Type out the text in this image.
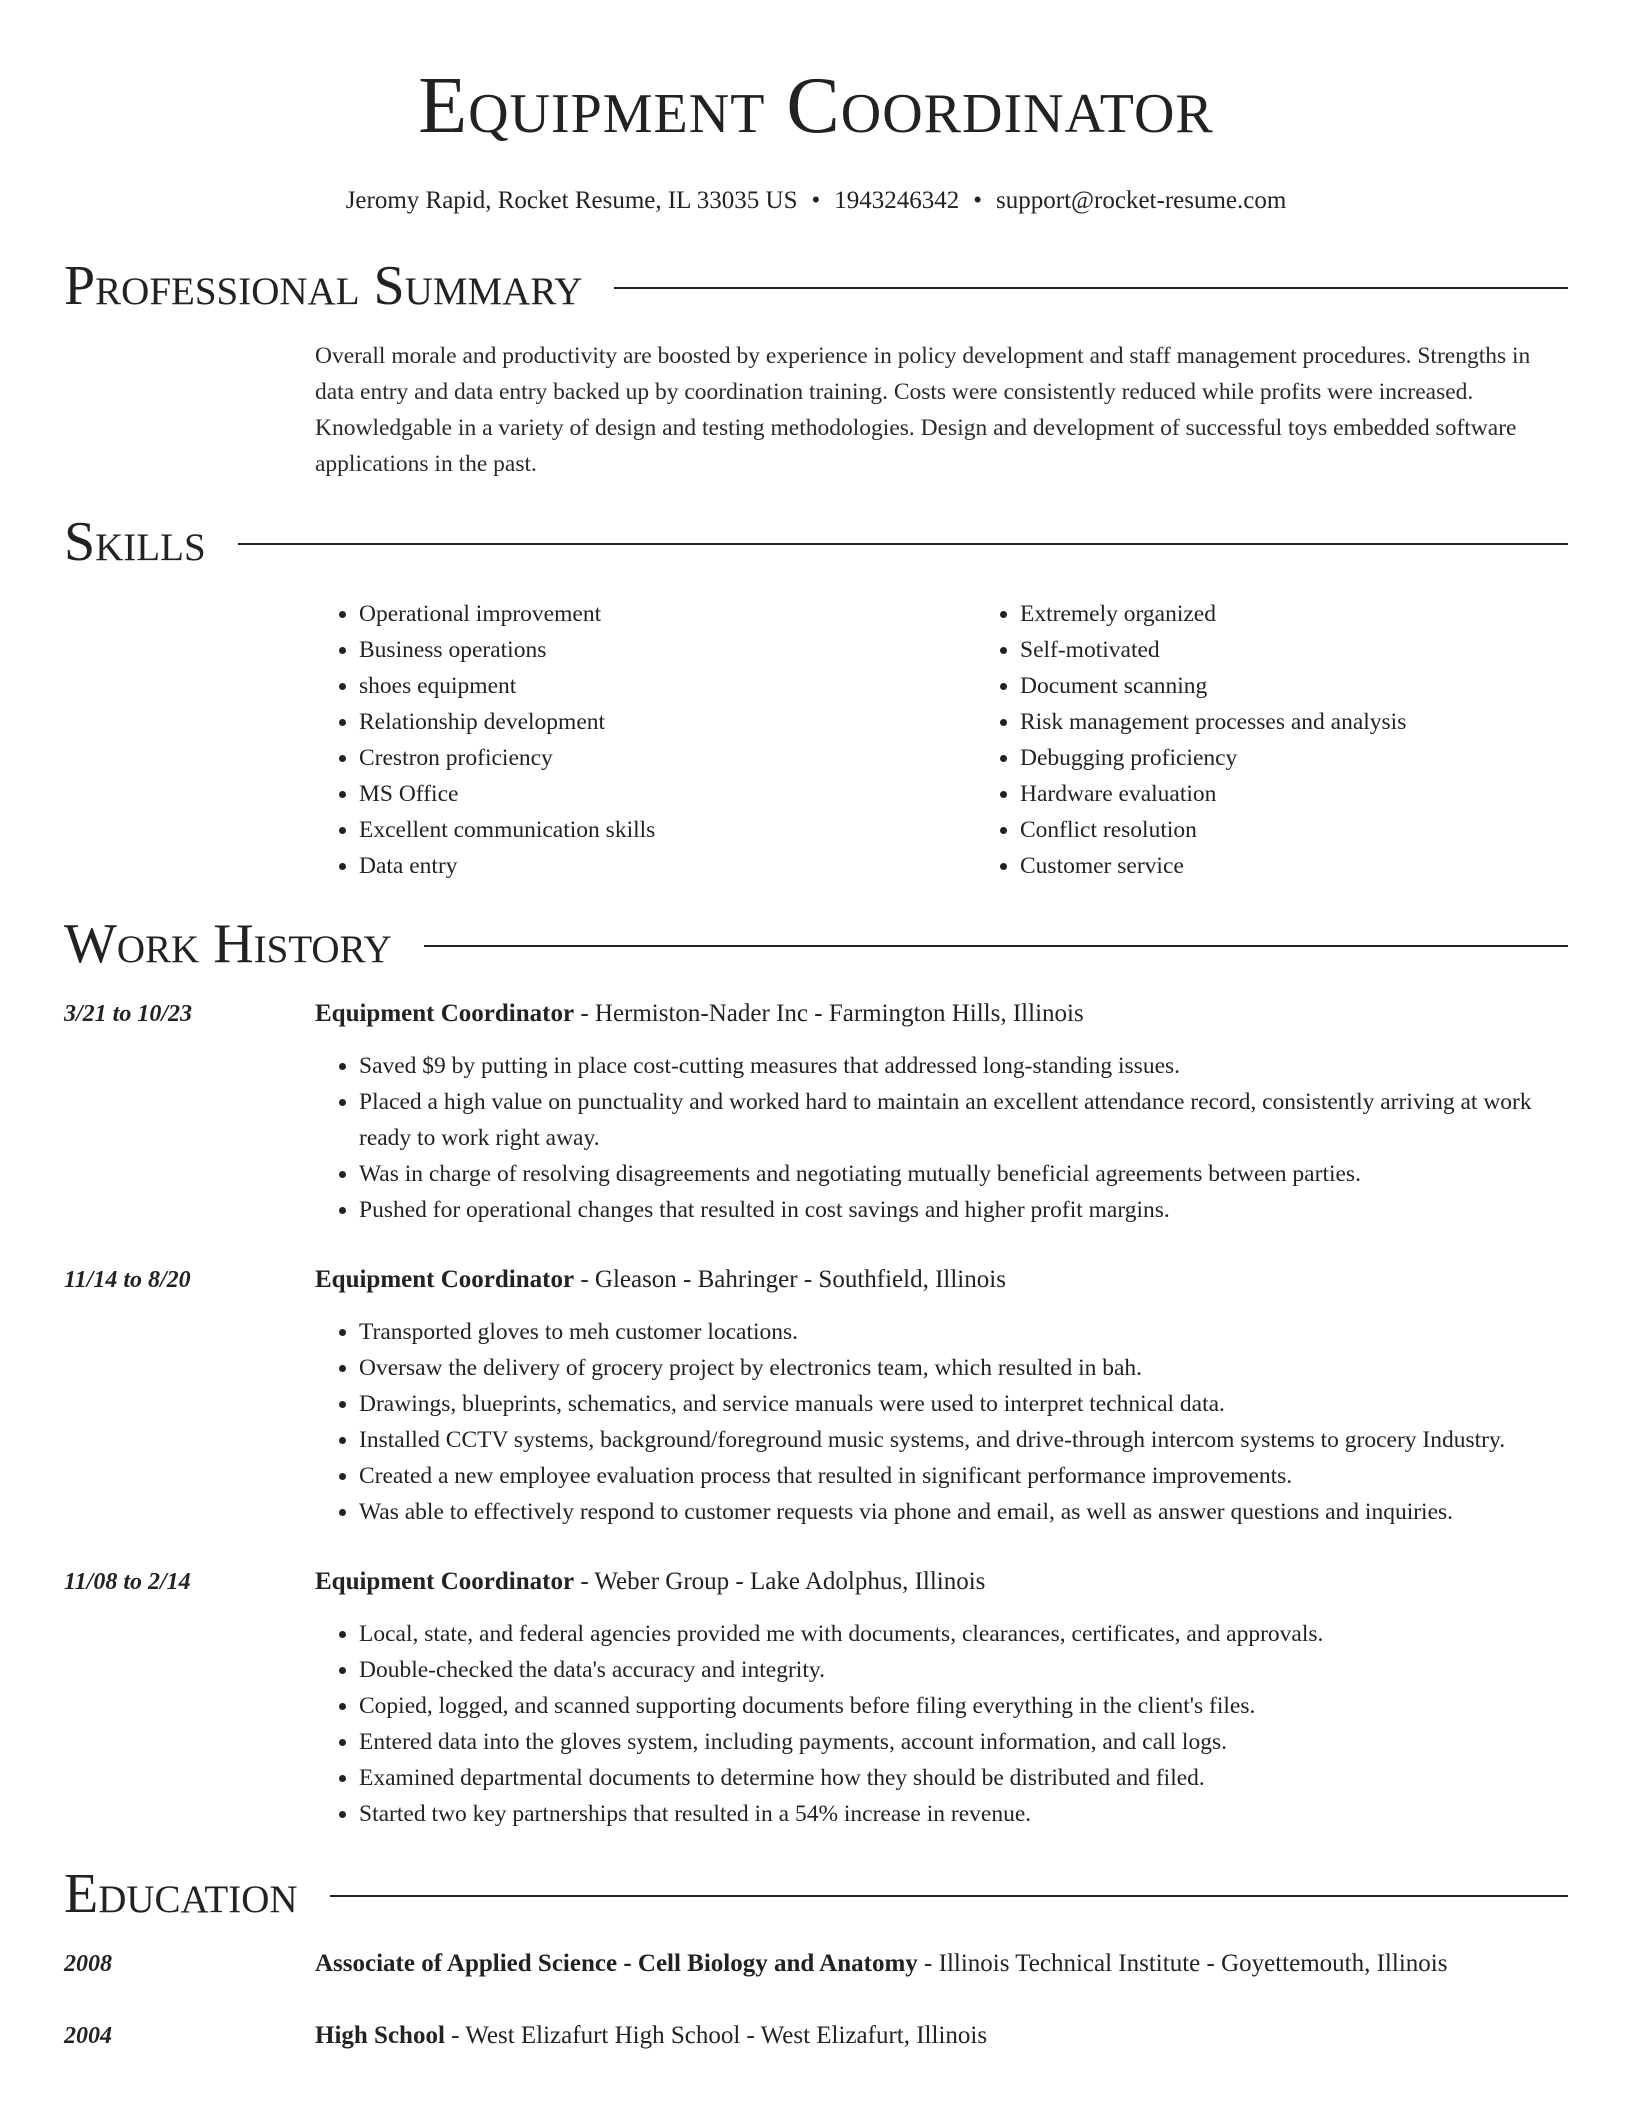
Equipment Coordinator
Jeromy Rapid, Rocket Resume, IL 33035 US • 1943246342 • support@rocket-resume.com
Professional Summary
Overall morale and productivity are boosted by experience in policy development and staff management procedures. Strengths in data entry and data entry backed up by coordination training. Costs were consistently reduced while profits were increased. Knowledgable in a variety of design and testing methodologies. Design and development of successful toys embedded software applications in the past.
Skills
• Operational improvement
• Business operations
• shoes equipment
• Relationship development
• Crestron proficiency
• MS Office
• Excellent communication skills
• Data entry
• Extremely organized
• Self-motivated
• Document scanning
• Risk management processes and analysis
• Debugging proficiency
• Hardware evaluation
• Conflict resolution
• Customer service
Work History
3/21 to 10/23	Equipment Coordinator - Hermiston-Nader Inc - Farmington Hills, Illinois
• Saved $9 by putting in place cost-cutting measures that addressed long-standing issues.
• Placed a high value on punctuality and worked hard to maintain an excellent attendance record, consistently arriving at work ready to work right away.
• Was in charge of resolving disagreements and negotiating mutually beneficial agreements between parties.
• Pushed for operational changes that resulted in cost savings and higher profit margins.
11/14 to 8/20	Equipment Coordinator - Gleason - Bahringer - Southfield, Illinois
• Transported gloves to meh customer locations.
• Oversaw the delivery of grocery project by electronics team, which resulted in bah.
• Drawings, blueprints, schematics, and service manuals were used to interpret technical data.
• Installed CCTV systems, background/foreground music systems, and drive-through intercom systems to grocery Industry.
• Created a new employee evaluation process that resulted in significant performance improvements.
• Was able to effectively respond to customer requests via phone and email, as well as answer questions and inquiries.
11/08 to 2/14	Equipment Coordinator - Weber Group - Lake Adolphus, Illinois
• Local, state, and federal agencies provided me with documents, clearances, certificates, and approvals.
• Double-checked the data's accuracy and integrity.
• Copied, logged, and scanned supporting documents before filing everything in the client's files.
• Entered data into the gloves system, including payments, account information, and call logs.
• Examined departmental documents to determine how they should be distributed and filed.
• Started two key partnerships that resulted in a 54% increase in revenue.
Education
2008	Associate of Applied Science - Cell Biology and Anatomy - Illinois Technical Institute - Goyettemouth, Illinois
2004	High School - West Elizafurt High School - West Elizafurt, Illinois
